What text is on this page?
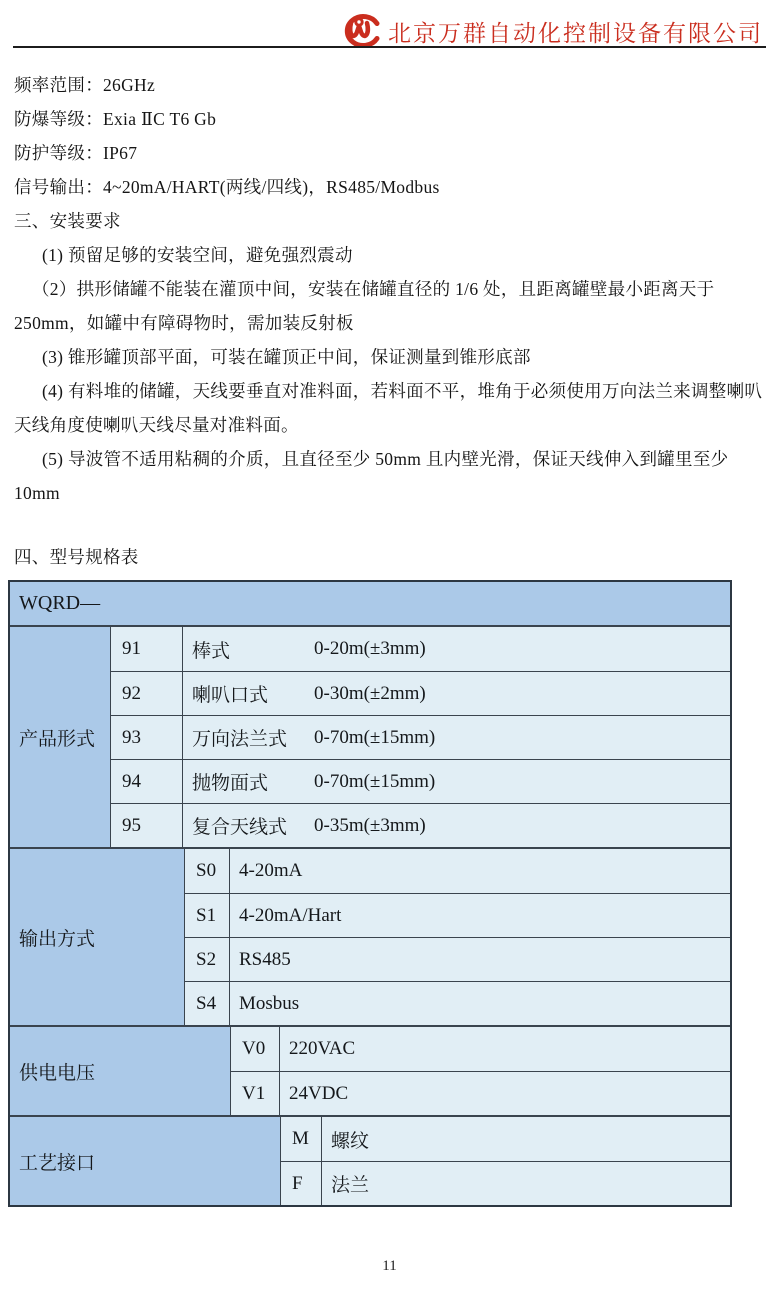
北京万群自动化控制设备有限公司

频率范围：26GHz

防爆等级：Exia ⅡC T6 Gb

防护等级：IP67

信号输出：4~20mA/HART(两线/四线)，RS485/Modbus

三、安装要求

(1) 预留足够的安装空间，避免强烈震动

（2）拱形储罐不能装在灌顶中间，安装在储罐直径的 1/6 处，且距离罐壁最小距离天于 250mm，如罐中有障碍物时，需加装反射板

(3) 锥形罐顶部平面，可装在罐顶正中间，保证测量到锥形底部

(4) 有料堆的储罐，天线要垂直对准料面，若料面不平，堆角于必须使用万向法兰来调整喇叭天线角度使喇叭天线尽量对准料面。

(5) 导波管不适用粘稠的介质，且直径至少 50mm 且内壁光滑，保证天线伸入到罐里至少 10mm

四、型号规格表

WQRD—
产品形式
91	棒式	0-20m(±3mm)
92	喇叭口式	0-30m(±2mm)
93	万向法兰式	0-70m(±15mm)
94	抛物面式	0-70m(±15mm)
95	复合天线式	0-35m(±3mm)
输出方式
S0	4-20mA
S1	4-20mA/Hart
S2	RS485
S4	Mosbus
供电电压
V0	220VAC
V1	24VDC
工艺接口
M	螺纹
F	法兰
11
